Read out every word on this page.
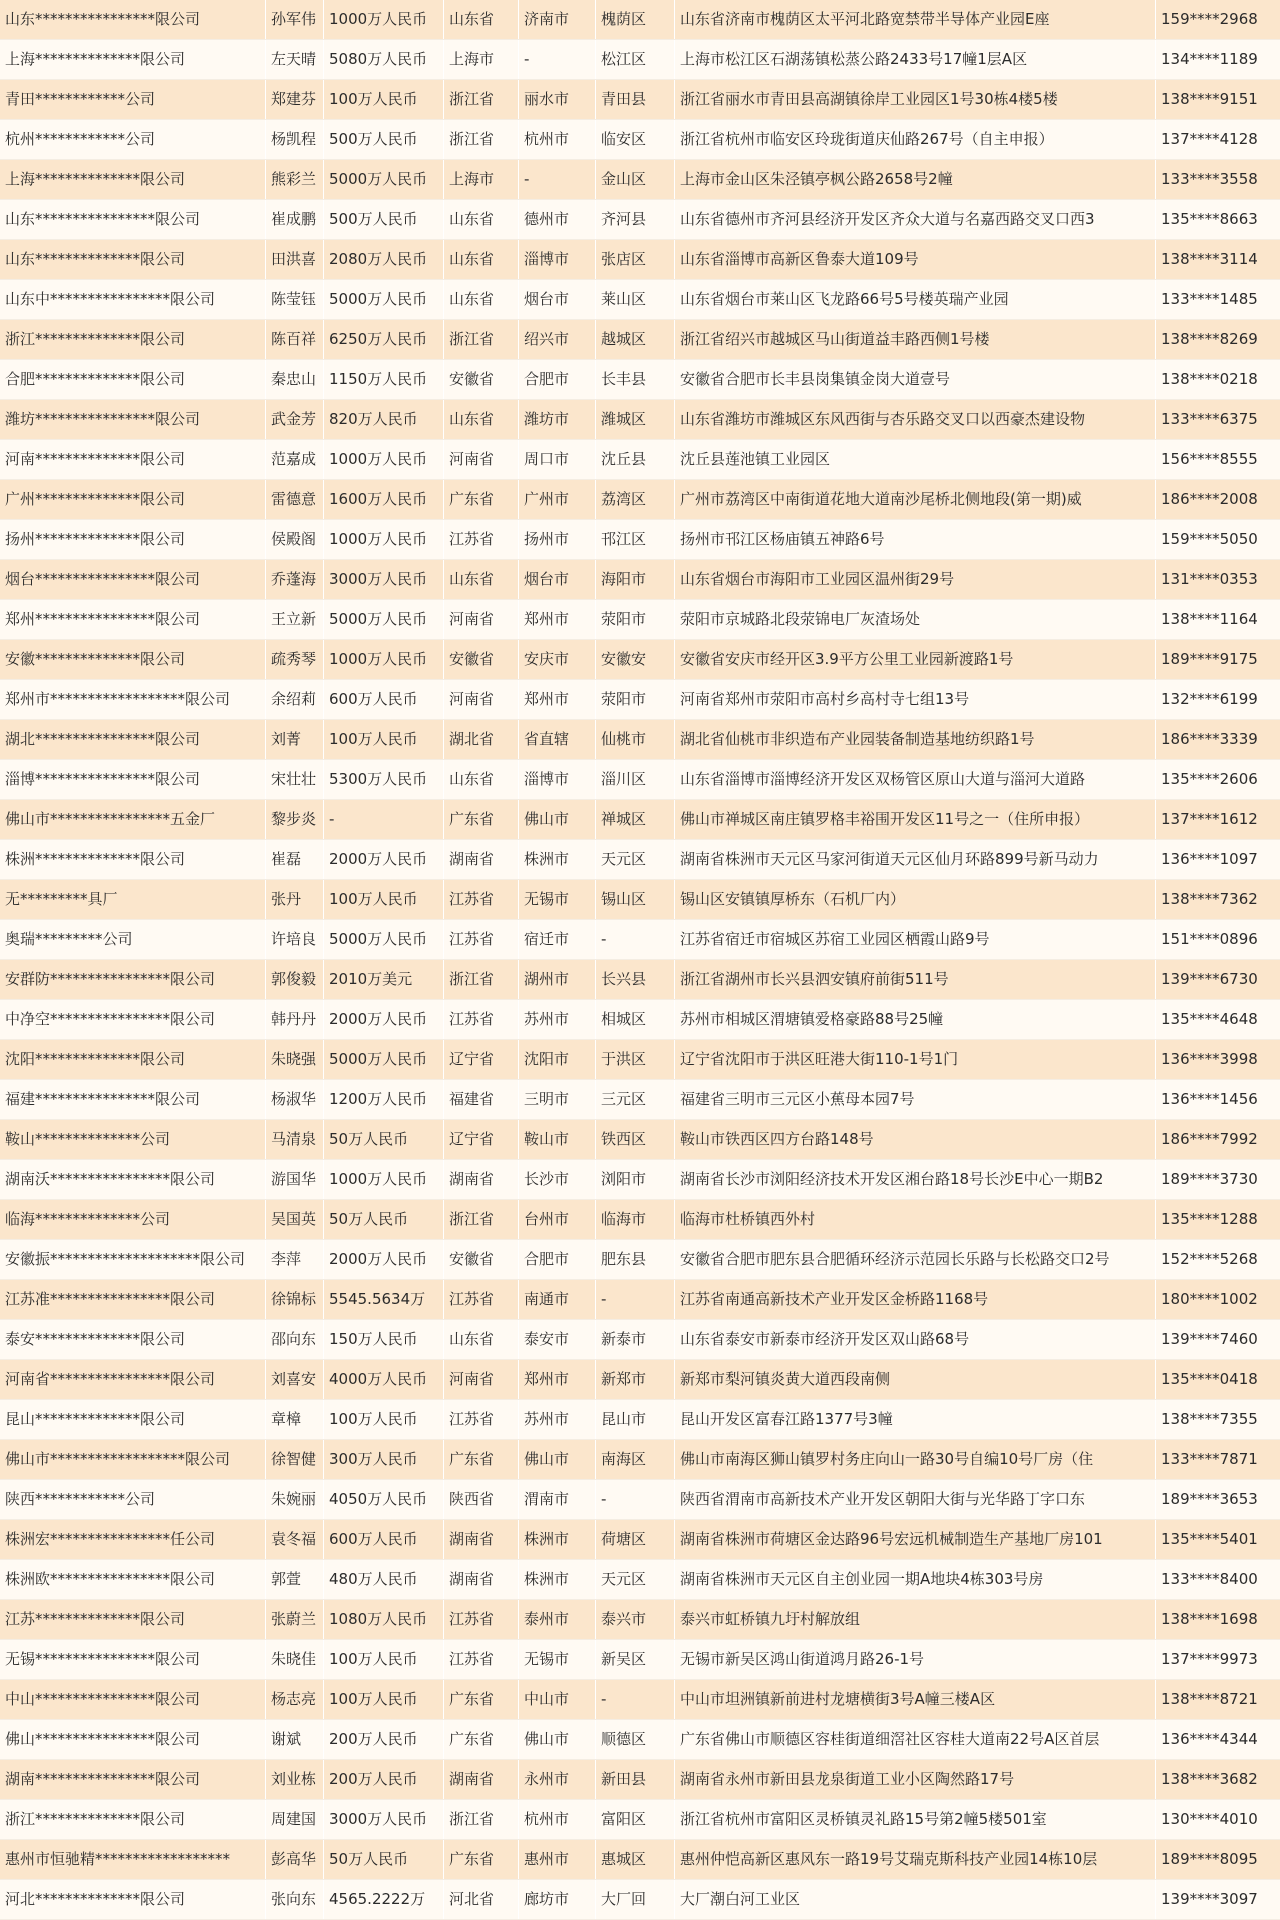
山东****************限公司	孙军伟	1000万人民币	山东省	济南市	槐荫区	山东省济南市槐荫区太平河北路宽禁带半导体产业园E座	159****2968
上海**************限公司	左天晴	5080万人民币	上海市	-	松江区	上海市松江区石湖荡镇松蒸公路2433号17幢1层A区	134****1189
青田************公司	郑建芬	100万人民币	浙江省	丽水市	青田县	浙江省丽水市青田县高湖镇徐岸工业园区1号30栋4楼5楼	138****9151
杭州************公司	杨凯程	500万人民币	浙江省	杭州市	临安区	浙江省杭州市临安区玲珑街道庆仙路267号（自主申报）	137****4128
上海**************限公司	熊彩兰	5000万人民币	上海市	-	金山区	上海市金山区朱泾镇亭枫公路2658号2幢	133****3558
山东****************限公司	崔成鹏	500万人民币	山东省	德州市	齐河县	山东省德州市齐河县经济开发区齐众大道与名嘉西路交叉口西3	135****8663
山东**************限公司	田洪喜	2080万人民币	山东省	淄博市	张店区	山东省淄博市高新区鲁泰大道109号	138****3114
山东中****************限公司	陈莹钰	5000万人民币	山东省	烟台市	莱山区	山东省烟台市莱山区飞龙路66号5号楼英瑞产业园	133****1485
浙江**************限公司	陈百祥	6250万人民币	浙江省	绍兴市	越城区	浙江省绍兴市越城区马山街道益丰路西侧1号楼	138****8269
合肥**************限公司	秦忠山	1150万人民币	安徽省	合肥市	长丰县	安徽省合肥市长丰县岗集镇金岗大道壹号	138****0218
潍坊****************限公司	武金芳	820万人民币	山东省	潍坊市	潍城区	山东省潍坊市潍城区东风西街与杏乐路交叉口以西豪杰建设物	133****6375
河南**************限公司	范嘉成	1000万人民币	河南省	周口市	沈丘县	沈丘县莲池镇工业园区	156****8555
广州**************限公司	雷德意	1600万人民币	广东省	广州市	荔湾区	广州市荔湾区中南街道花地大道南沙尾桥北侧地段(第一期)威	186****2008
扬州**************限公司	侯殿阁	1000万人民币	江苏省	扬州市	邗江区	扬州市邗江区杨庙镇五神路6号	159****5050
烟台****************限公司	乔蓬海	3000万人民币	山东省	烟台市	海阳市	山东省烟台市海阳市工业园区温州街29号	131****0353
郑州****************限公司	王立新	5000万人民币	河南省	郑州市	荥阳市	荥阳市京城路北段荥锦电厂灰渣场处	138****1164
安徽**************限公司	疏秀琴	1000万人民币	安徽省	安庆市	安徽安	安徽省安庆市经开区3.9平方公里工业园新渡路1号	189****9175
郑州市******************限公司	余绍莉	600万人民币	河南省	郑州市	荥阳市	河南省郑州市荥阳市高村乡高村寺七组13号	132****6199
湖北****************限公司	刘菁	100万人民币	湖北省	省直辖	仙桃市	湖北省仙桃市非织造布产业园装备制造基地纺织路1号	186****3339
淄博****************限公司	宋壮壮	5300万人民币	山东省	淄博市	淄川区	山东省淄博市淄博经济开发区双杨管区原山大道与淄河大道路	135****2606
佛山市****************五金厂	黎步炎	-	广东省	佛山市	禅城区	佛山市禅城区南庄镇罗格丰裕围开发区11号之一（住所申报）	137****1612
株洲**************限公司	崔磊	2000万人民币	湖南省	株洲市	天元区	湖南省株洲市天元区马家河街道天元区仙月环路899号新马动力	136****1097
无*********具厂	张丹	100万人民币	江苏省	无锡市	锡山区	锡山区安镇镇厚桥东（石机厂内）	138****7362
奥瑞*********公司	许培良	5000万人民币	江苏省	宿迁市	-	江苏省宿迁市宿城区苏宿工业园区栖霞山路9号	151****0896
安群防****************限公司	郭俊毅	2010万美元	浙江省	湖州市	长兴县	浙江省湖州市长兴县泗安镇府前街511号	139****6730
中净空****************限公司	韩丹丹	2000万人民币	江苏省	苏州市	相城区	苏州市相城区渭塘镇爱格豪路88号25幢	135****4648
沈阳**************限公司	朱晓强	5000万人民币	辽宁省	沈阳市	于洪区	辽宁省沈阳市于洪区旺港大街110-1号1门	136****3998
福建****************限公司	杨淑华	1200万人民币	福建省	三明市	三元区	福建省三明市三元区小蕉母本园7号	136****1456
鞍山**************公司	马清泉	50万人民币	辽宁省	鞍山市	铁西区	鞍山市铁西区四方台路148号	186****7992
湖南沃****************限公司	游国华	1000万人民币	湖南省	长沙市	浏阳市	湖南省长沙市浏阳经济技术开发区湘台路18号长沙E中心一期B2	189****3730
临海**************公司	吴国英	50万人民币	浙江省	台州市	临海市	临海市杜桥镇西外村	135****1288
安徽振********************限公司	李萍	2000万人民币	安徽省	合肥市	肥东县	安徽省合肥市肥东县合肥循环经济示范园长乐路与长松路交口2号	152****5268
江苏准****************限公司	徐锦标	5545.5634万	江苏省	南通市	-	江苏省南通高新技术产业开发区金桥路1168号	180****1002
泰安**************限公司	邵向东	150万人民币	山东省	泰安市	新泰市	山东省泰安市新泰市经济开发区双山路68号	139****7460
河南省****************限公司	刘喜安	4000万人民币	河南省	郑州市	新郑市	新郑市梨河镇炎黄大道西段南侧	135****0418
昆山**************限公司	章樟	100万人民币	江苏省	苏州市	昆山市	昆山开发区富春江路1377号3幢	138****7355
佛山市******************限公司	徐智健	300万人民币	广东省	佛山市	南海区	佛山市南海区狮山镇罗村务庄向山一路30号自编10号厂房（住	133****7871
陕西************公司	朱婉丽	4050万人民币	陕西省	渭南市	-	陕西省渭南市高新技术产业开发区朝阳大街与光华路丁字口东	189****3653
株洲宏****************任公司	袁冬福	600万人民币	湖南省	株洲市	荷塘区	湖南省株洲市荷塘区金达路96号宏远机械制造生产基地厂房101	135****5401
株洲欧****************限公司	郭萱	480万人民币	湖南省	株洲市	天元区	湖南省株洲市天元区自主创业园一期A地块4栋303号房	133****8400
江苏**************限公司	张蔚兰	1080万人民币	江苏省	泰州市	泰兴市	泰兴市虹桥镇九圩村解放组	138****1698
无锡****************限公司	朱晓佳	100万人民币	江苏省	无锡市	新吴区	无锡市新吴区鸿山街道鸿月路26-1号	137****9973
中山****************限公司	杨志亮	100万人民币	广东省	中山市	-	中山市坦洲镇新前进村龙塘横街3号A幢三楼A区	138****8721
佛山****************限公司	谢斌	200万人民币	广东省	佛山市	顺德区	广东省佛山市顺德区容桂街道细滘社区容桂大道南22号A区首层	136****4344
湖南****************限公司	刘业栋	200万人民币	湖南省	永州市	新田县	湖南省永州市新田县龙泉街道工业小区陶然路17号	138****3682
浙江**************限公司	周建国	3000万人民币	浙江省	杭州市	富阳区	浙江省杭州市富阳区灵桥镇灵礼路15号第2幢5楼501室	130****4010
惠州市恒驰精******************	彭高华	50万人民币	广东省	惠州市	惠城区	惠州仲恺高新区惠风东一路19号艾瑞克斯科技产业园14栋10层	189****8095
河北**************限公司	张向东	4565.2222万	河北省	廊坊市	大厂回	大厂潮白河工业区	139****3097
